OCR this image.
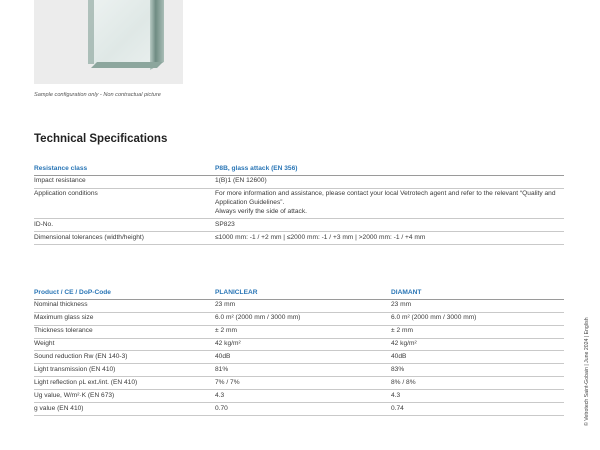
Sample configuration only - Non contractual picture
Technical Specifications
Resistance class	P8B, glass attack (EN 356)
Impact resistance	1(B)1 (EN 12600)
Application conditions	For more information and assistance, please contact your local Vetrotech agent and refer to the relevant “Quality and Application Guidelines”.
Always verify the side of attack.

ID-No.	SP823
Dimensional tolerances (width/height)	≤1000 mm: -1 / +2 mm | ≤2000 mm: -1 / +3 mm | >2000 mm: -1 / +4 mm
Product / CE / DoP-Code	PLANICLEAR	DIAMANT
Nominal thickness	23 mm	23 mm
Maximum glass size	6.0 m² (2000 mm / 3000 mm)	6.0 m² (2000 mm / 3000 mm)
Thickness tolerance	± 2 mm	± 2 mm
Weight	42 kg/m²	42 kg/m²
Sound reduction Rw (EN 140-3)	40dB	40dB
Light transmission (EN 410)	81%	83%
Light reflection ρL ext./int. (EN 410)	7% / 7%	8% / 8%
Ug value, W/m²·K (EN 673)	4.3	4.3
g value (EN 410)	0.70	0.74	© Vetrotech Saint-Gobain | June 2024 | English
